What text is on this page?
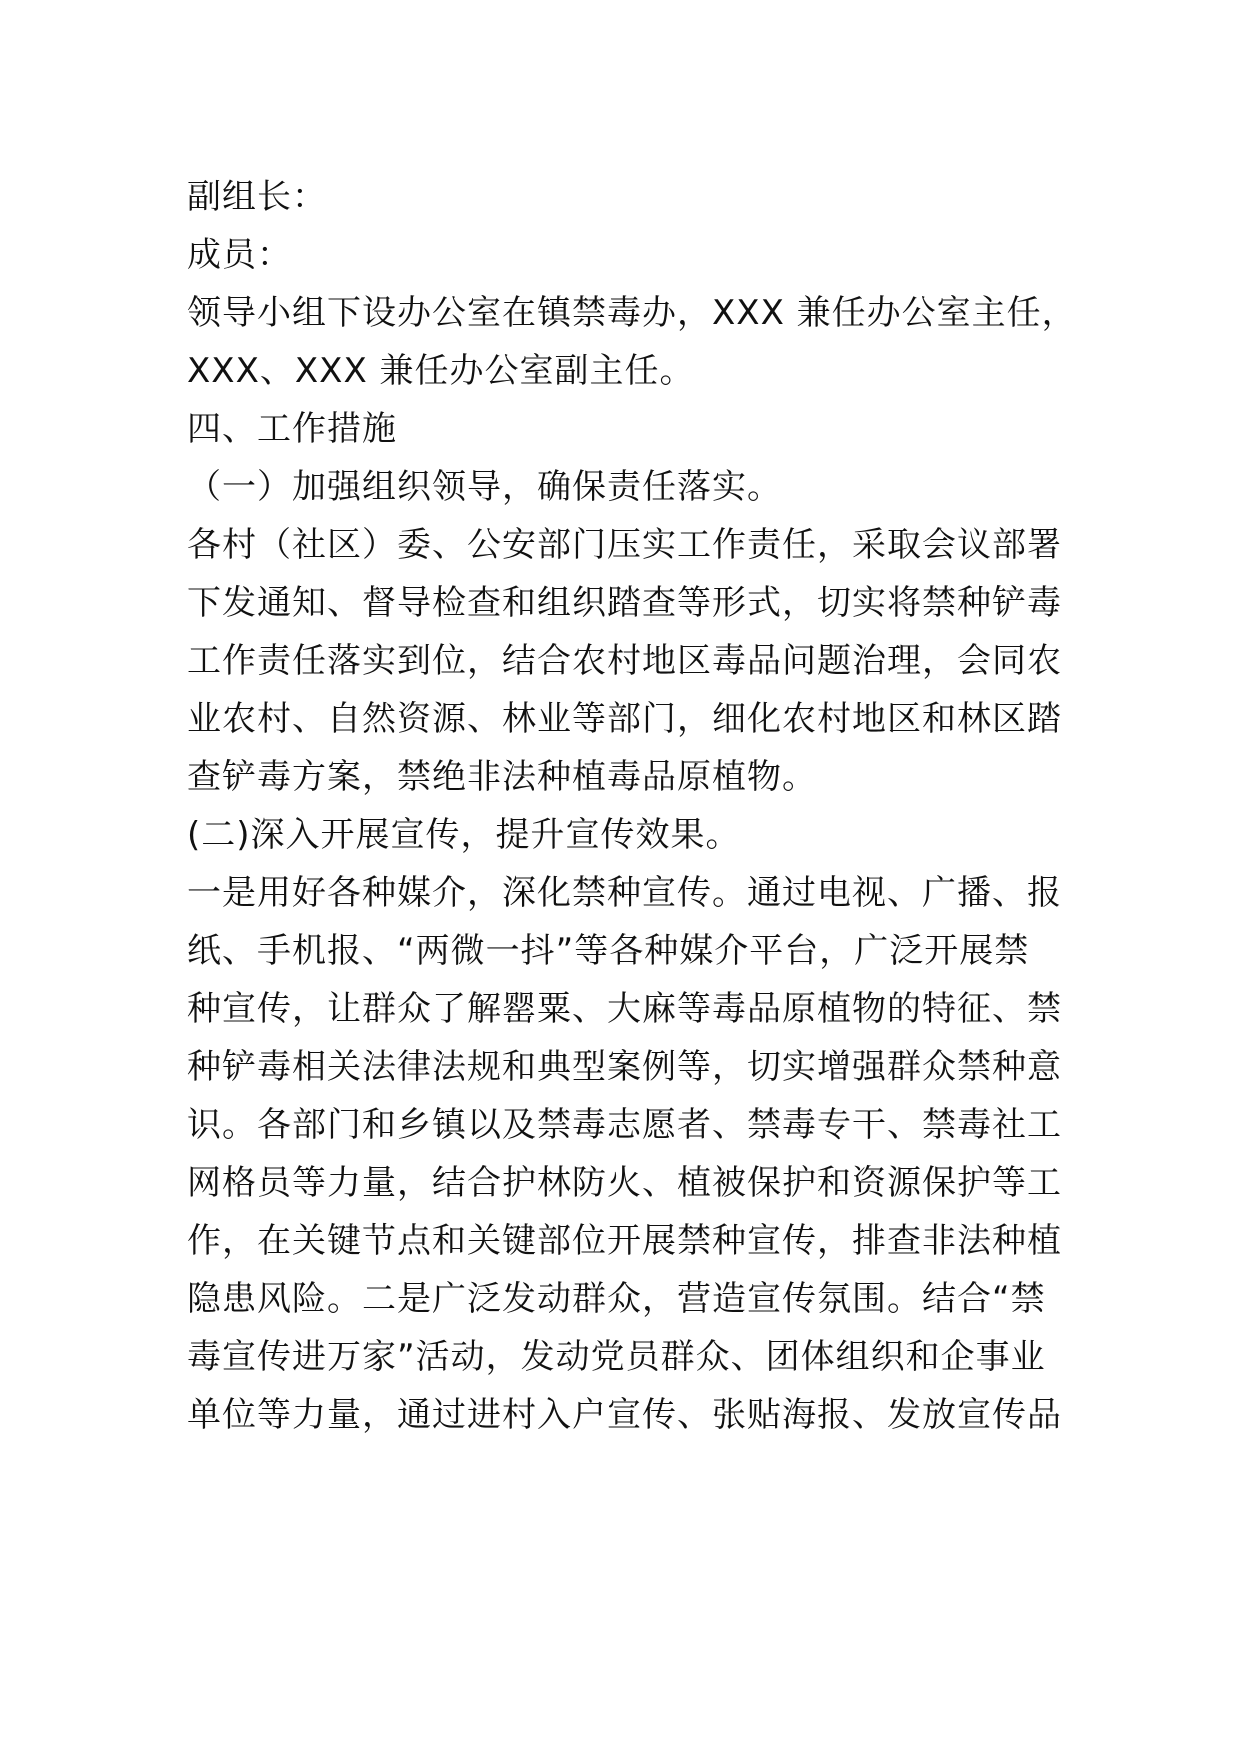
副组长：
成员：
领导小组下设办公室在镇禁毒办，XXX 兼任办公室主任，
XXX、XXX 兼任办公室副主任。
四、工作措施
（一）加强组织领导，确保责任落实。
各村（社区）委、公安部门压实工作责任，采取会议部署
下发通知、督导检查和组织踏查等形式，切实将禁种铲毒
工作责任落实到位，结合农村地区毒品问题治理，会同农
业农村、自然资源、林业等部门，细化农村地区和林区踏
查铲毒方案，禁绝非法种植毒品原植物。
(二)深入开展宣传，提升宣传效果。
一是用好各种媒介，深化禁种宣传。通过电视、广播、报
纸、手机报、“两微一抖”等各种媒介平台，广泛开展禁
种宣传，让群众了解罂粟、大麻等毒品原植物的特征、禁
种铲毒相关法律法规和典型案例等，切实增强群众禁种意
识。各部门和乡镇以及禁毒志愿者、禁毒专干、禁毒社工
网格员等力量，结合护林防火、植被保护和资源保护等工
作，在关键节点和关键部位开展禁种宣传，排查非法种植
隐患风险。二是广泛发动群众，营造宣传氛围。结合“禁
毒宣传进万家”活动，发动党员群众、团体组织和企事业
单位等力量，通过进村入户宣传、张贴海报、发放宣传品
